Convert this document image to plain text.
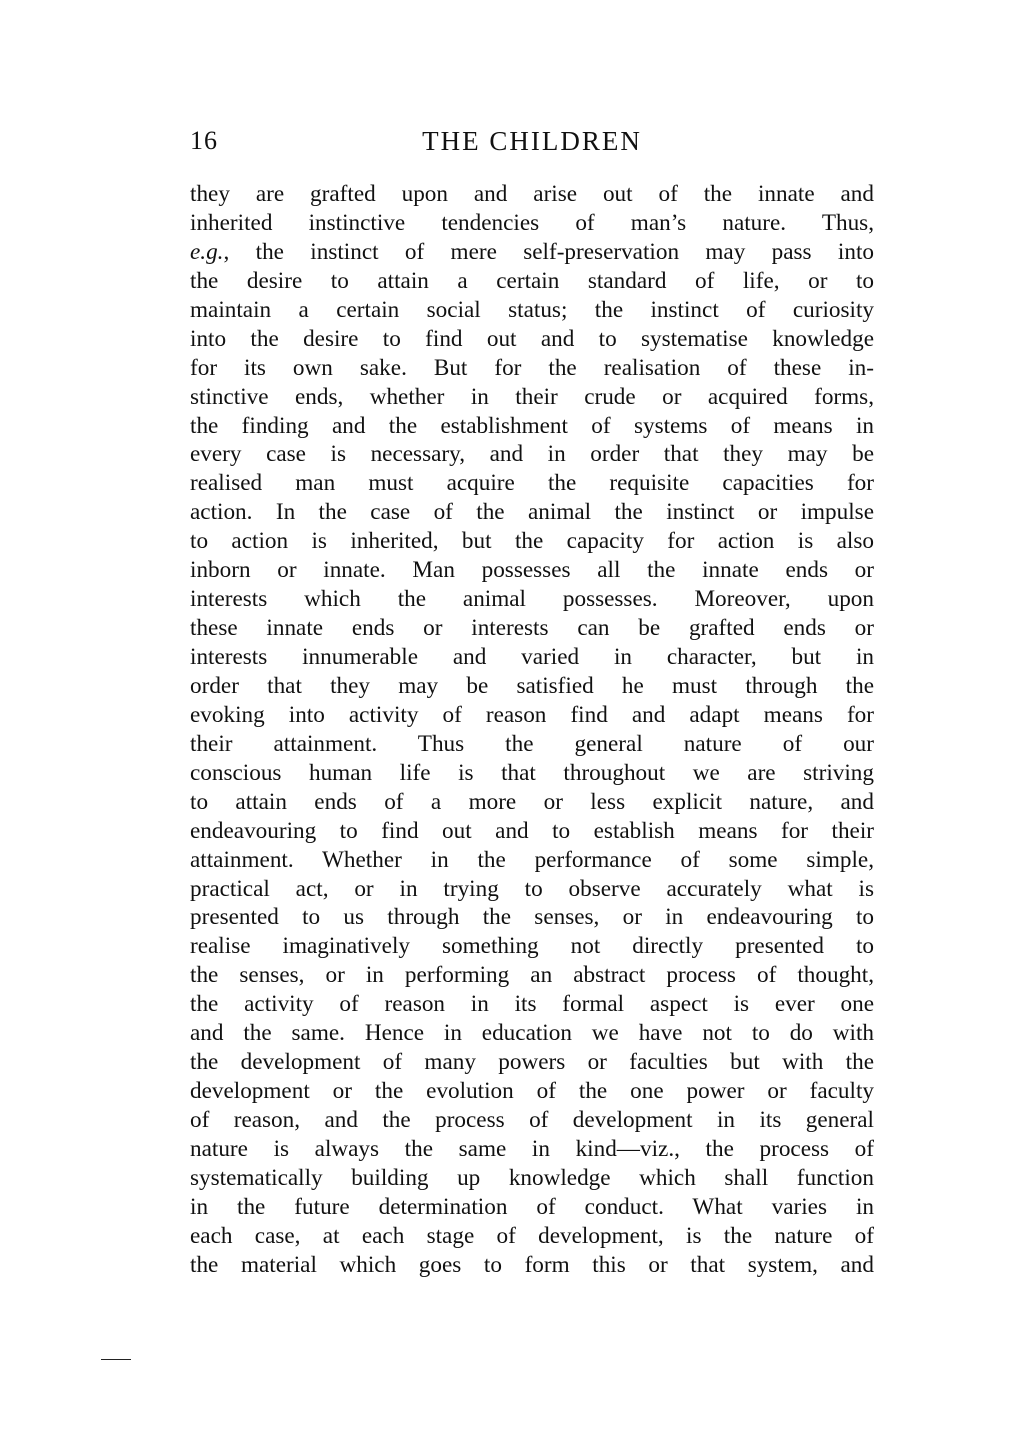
16	THE CHILDREN
they are grafted upon and arise out of the innate and
inherited instinctive tendencies of man’s nature. Thus,
e.g., the instinct of mere self-preservation may pass into
the desire to attain a certain standard of life, or to
maintain a certain social status; the instinct of curiosity
into the desire to find out and to systematise knowledge
for its own sake. But for the realisation of these in-
stinctive ends, whether in their crude or acquired forms,
the finding and the establishment of systems of means in
every case is necessary, and in order that they may be
realised man must acquire the requisite capacities for
action. In the case of the animal the instinct or impulse
to action is inherited, but the capacity for action is also
inborn or innate. Man possesses all the innate ends or
interests which the animal possesses. Moreover, upon
these innate ends or interests can be grafted ends or
interests innumerable and varied in character, but in
order that they may be satisfied he must through the
evoking into activity of reason find and adapt means for
their attainment. Thus the general nature of our
conscious human life is that throughout we are striving
to attain ends of a more or less explicit nature, and
endeavouring to find out and to establish means for their
attainment. Whether in the performance of some simple,
practical act, or in trying to observe accurately what is
presented to us through the senses, or in endeavouring to
realise imaginatively something not directly presented to
the senses, or in performing an abstract process of thought,
the activity of reason in its formal aspect is ever one
and the same. Hence in education we have not to do with
the development of many powers or faculties but with the
development or the evolution of the one power or faculty
of reason, and the process of development in its general
nature is always the same in kind—viz., the process of
systematically building up knowledge which shall function
in the future determination of conduct. What varies in
each case, at each stage of development, is the nature of
the material which goes to form this or that system, and
